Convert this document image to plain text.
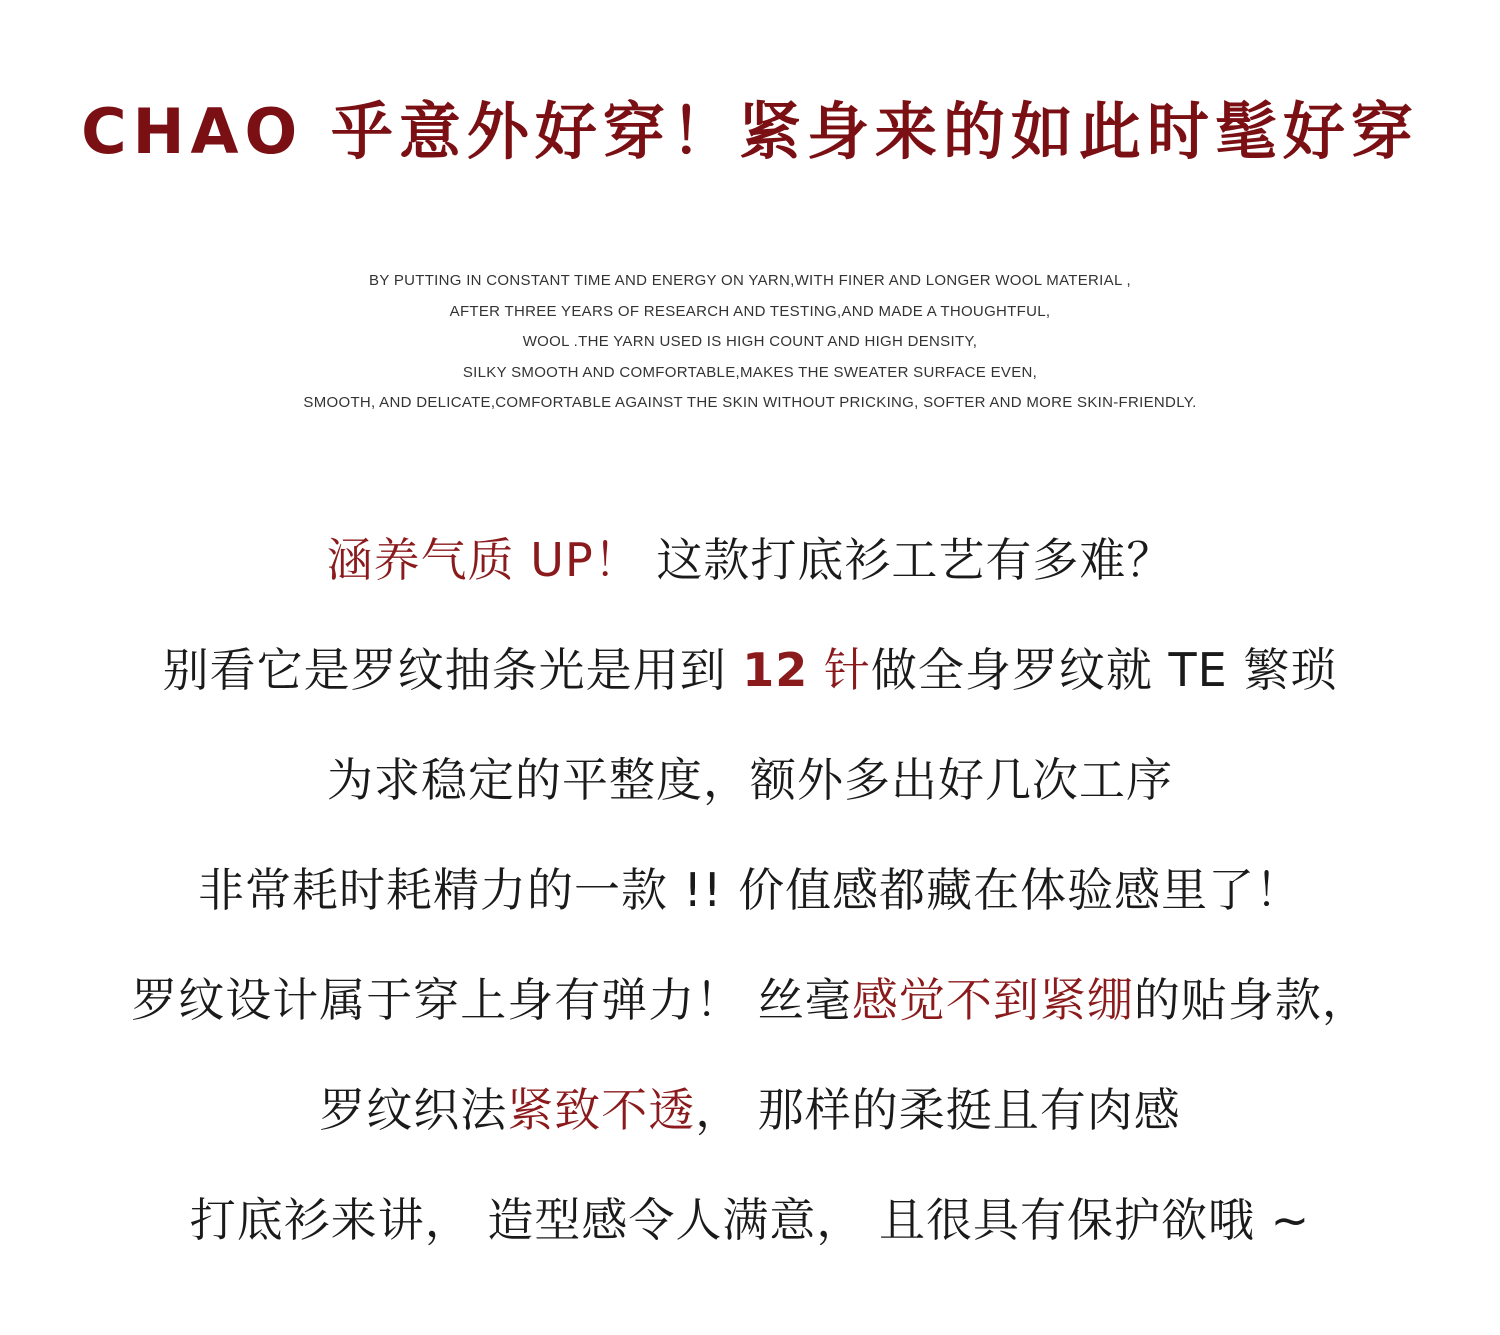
CHAO 乎意外好穿！紧身来的如此时髦好穿
BY PUTTING IN CONSTANT TIME AND ENERGY ON YARN,WITH FINER AND LONGER WOOL MATERIAL ,
AFTER THREE YEARS OF RESEARCH AND TESTING,AND MADE A THOUGHTFUL,
WOOL .THE YARN USED IS HIGH COUNT AND HIGH DENSITY,
SILKY SMOOTH AND COMFORTABLE,MAKES THE SWEATER SURFACE EVEN,
SMOOTH, AND DELICATE,COMFORTABLE AGAINST THE SKIN WITHOUT PRICKING, SOFTER AND MORE SKIN-FRIENDLY.
涵养气质 UP！ 这款打底衫工艺有多难？
别看它是罗纹抽条光是用到 12 针做全身罗纹就 TE 繁琐
为求稳定的平整度，额外多出好几次工序
非常耗时耗精力的一款 !! 价值感都藏在体验感里了！
罗纹设计属于穿上身有弹力！ 丝毫感觉不到紧绷的贴身款，
罗纹织法紧致不透， 那样的柔挺且有肉感
打底衫来讲， 造型感令人满意， 且很具有保护欲哦 ~
